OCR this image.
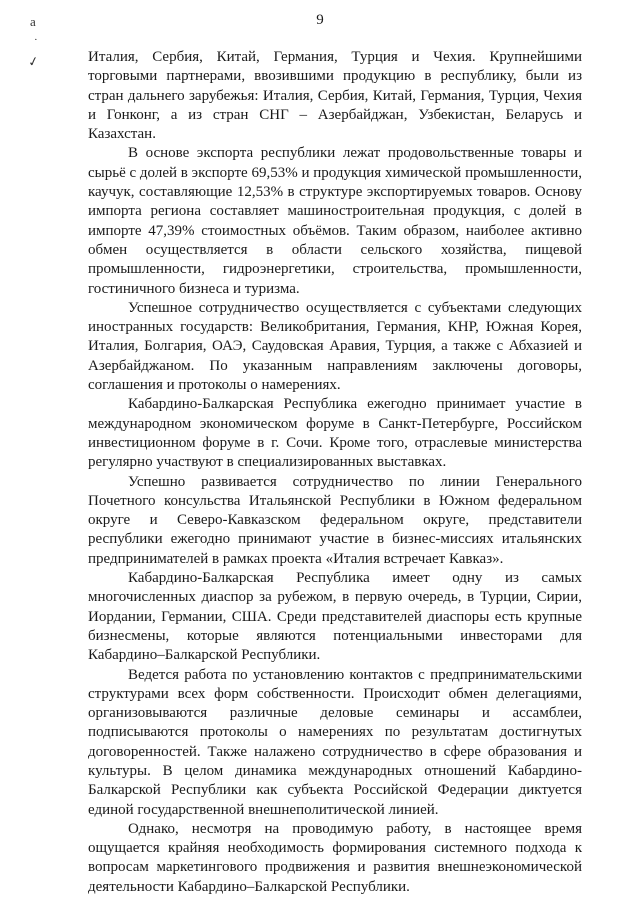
9
a
·
✓	Италия, Сербия, Китай, Германия, Турция и Чехия. Крупнейшими торговыми партнерами, ввозившими продукцию в республику, были из стран дальнего зарубежья: Италия, Сербия, Китай, Германия, Турция, Чехия и Гонконг, а из стран СНГ – Азербайджан, Узбекистан, Беларусь и Казахстан.

В основе экспорта республики лежат продовольственные товары и сырьё с долей в экспорте 69,53% и продукция химической промышленности, каучук, составляющие 12,53% в структуре экспортируемых товаров. Основу импорта региона составляет машиностроительная продукция, с долей в импорте 47,39% стоимостных объёмов. Таким образом, наиболее активно обмен осуществляется в области сельского хозяйства, пищевой промышленности, гидроэнергетики, строительства, промышленности, гостиничного бизнеса и туризма.

Успешное сотрудничество осуществляется с субъектами следующих иностранных государств: Великобритания, Германия, КНР, Южная Корея, Италия, Болгария, ОАЭ, Саудовская Аравия, Турция, а также с Абхазией и Азербайджаном. По указанным направлениям заключены договоры, соглашения и протоколы о намерениях.

Кабардино-Балкарская Республика ежегодно принимает участие в международном экономическом форуме в Санкт-Петербурге, Российском инвестиционном форуме в г. Сочи. Кроме того, отраслевые министерства регулярно участвуют в специализированных выставках.

Успешно развивается сотрудничество по линии Генерального Почетного консульства Итальянской Республики в Южном федеральном округе и Северо-Кавказском федеральном округе, представители республики ежегодно принимают участие в бизнес-миссиях итальянских предпринимателей в рамках проекта «Италия встречает Кавказ».

Кабардино-Балкарская Республика имеет одну из самых многочисленных диаспор за рубежом, в первую очередь, в Турции, Сирии, Иордании, Германии, США. Среди представителей диаспоры есть крупные бизнесмены, которые являются потенциальными инвесторами для Кабардино–Балкарской Республики.

Ведется работа по установлению контактов с предпринимательскими структурами всех форм собственности. Происходит обмен делегациями, организовываются различные деловые семинары и ассамблеи, подписываются протоколы о намерениях по результатам достигнутых договоренностей. Также налажено сотрудничество в сфере образования и культуры. В целом динамика международных отношений Кабардино-Балкарской Республики как субъекта Российской Федерации диктуется единой государственной внешнеполитической линией.

Однако, несмотря на проводимую работу, в настоящее время ощущается крайняя необходимость формирования системного подхода к вопросам маркетингового продвижения и развития внешнеэкономической деятельности Кабардино–Балкарской Республики.
